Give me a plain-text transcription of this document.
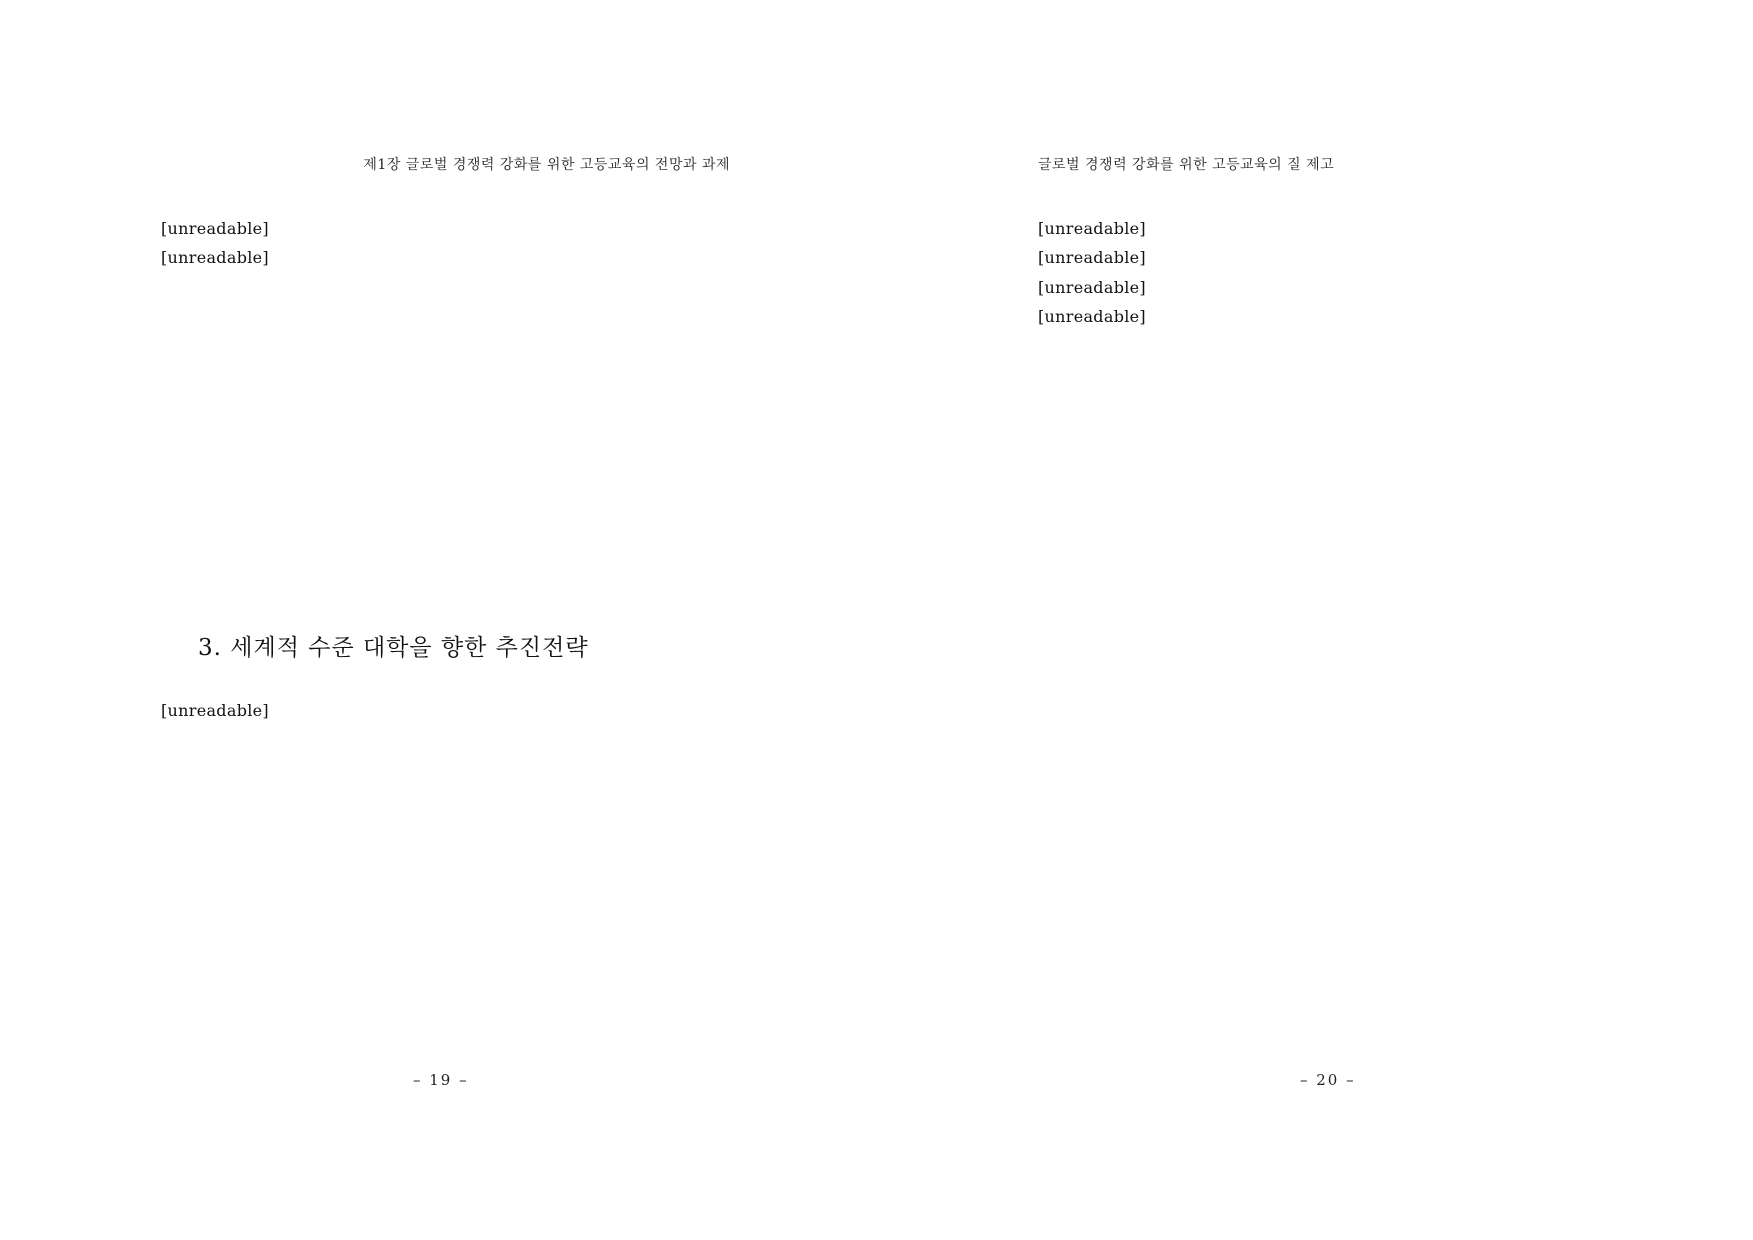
제1장 글로벌 경쟁력 강화를 위한 고등교육의 전망과 과제

[unreadable]

[unreadable]

3. 세계적 수준 대학을 향한 추진전략

[unreadable]

– 19 –
글로벌 경쟁력 강화를 위한 고등교육의 질 제고

[unreadable]

[unreadable]

[unreadable]

[unreadable]

– 20 –
